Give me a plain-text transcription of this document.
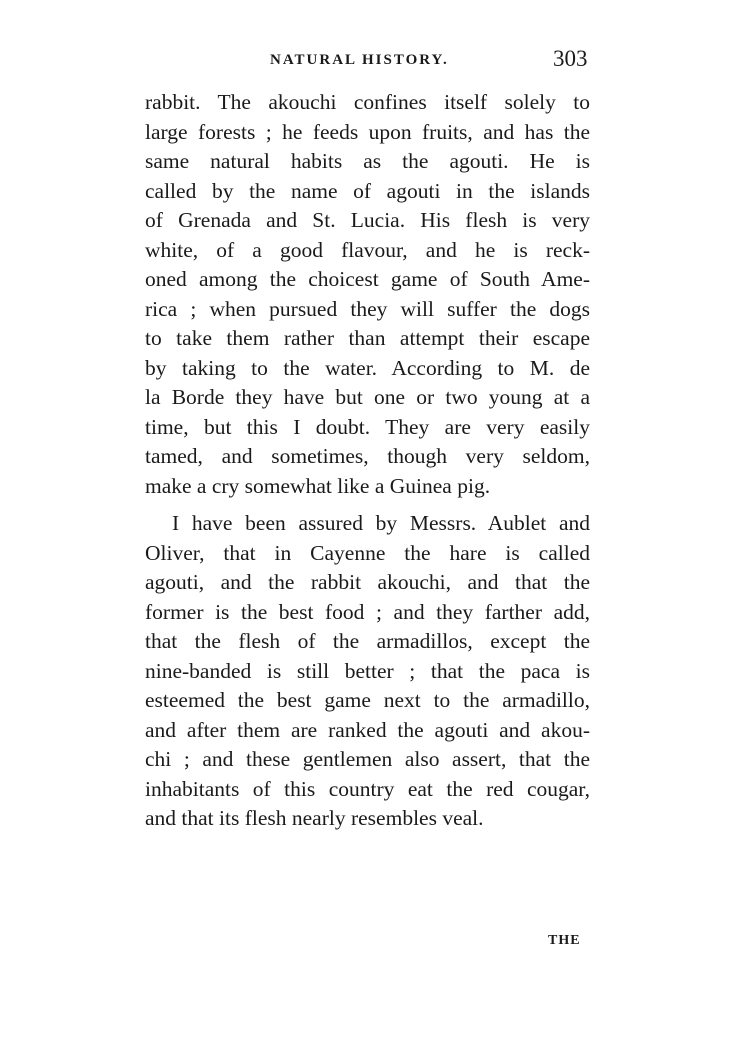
NATURAL HISTORY.	303
rabbit. The akouchi confines itself solely to
large forests ; he feeds upon fruits, and has the
same natural habits as the agouti. He is
called by the name of agouti in the islands
of Grenada and St. Lucia. His flesh is very
white, of a good flavour, and he is reck-
oned among the choicest game of South Ame-
rica ; when pursued they will suffer the dogs
to take them rather than attempt their escape
by taking to the water. According to M. de
la Borde they have but one or two young at a
time, but this I doubt. They are very easily
tamed, and sometimes, though very seldom,
make a cry somewhat like a Guinea pig.
I have been assured by Messrs. Aublet and
Oliver, that in Cayenne the hare is called
agouti, and the rabbit akouchi, and that the
former is the best food ; and they farther add,
that the flesh of the armadillos, except the
nine-banded is still better ; that the paca is
esteemed the best game next to the armadillo,
and after them are ranked the agouti and akou-
chi ; and these gentlemen also assert, that the
inhabitants of this country eat the red cougar,
and that its flesh nearly resembles veal.
THE
